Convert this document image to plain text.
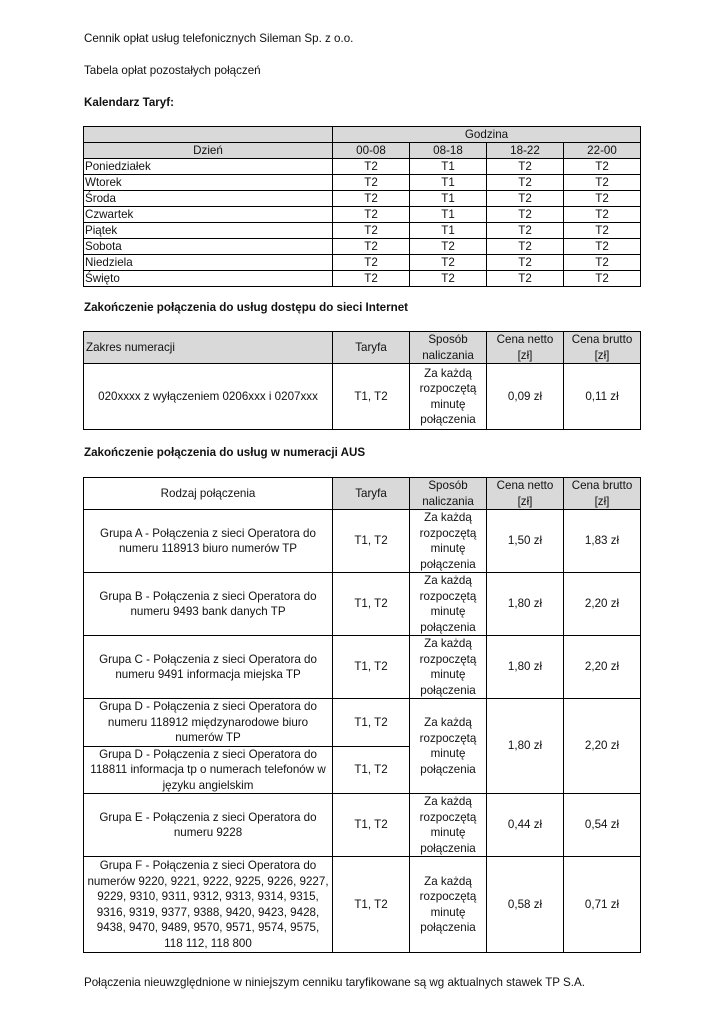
Cennik opłat usług telefonicznych Sileman Sp. z o.o.
Tabela opłat pozostałych połączeń
Kalendarz Taryf:
	Godzina			
Dzień	00-08	08-18	18-22	22-00
Poniedziałek	T2	T1	T2	T2
Wtorek	T2	T1	T2	T2
Środa	T2	T1	T2	T2
Czwartek	T2	T1	T2	T2
Piątek	T2	T1	T2	T2
Sobota	T2	T2	T2	T2
Niedziela	T2	T2	T2	T2
Święto	T2	T2	T2	T2
Zakończenie połączenia do usług dostępu do sieci Internet
Zakres numeracji	Taryfa	Sposób naliczania	Cena netto [zł]	Cena brutto [zł]
020xxxx z wyłączeniem 0206xxx i 0207xxx	T1, T2	Za każdą rozpoczętą minutę połączenia	0,09 zł	0,11 zł
Zakończenie połączenia do usług w numeracji AUS
Rodzaj połączenia	Taryfa	Sposób naliczania	Cena netto [zł]	Cena brutto [zł]
Grupa A - Połączenia z sieci Operatora do numeru 118913 biuro numerów TP	T1, T2	Za każdą rozpoczętą minutę połączenia	1,50 zł	1,83 zł
Grupa B - Połączenia z sieci Operatora do numeru 9493 bank danych TP	T1, T2	Za każdą rozpoczętą minutę połączenia	1,80 zł	2,20 zł
Grupa C - Połączenia z sieci Operatora do numeru 9491 informacja miejska TP	T1, T2	Za każdą rozpoczętą minutę połączenia	1,80 zł	2,20 zł
Grupa D - Połączenia z sieci Operatora do numeru 118912 międzynarodowe biuro numerów TP	T1, T2	Za każdą rozpoczętą minutę połączenia	1,80 zł	2,20 zł
Grupa D - Połączenia z sieci Operatora do 118811 informacja tp o numerach telefonów w języku angielskim	T1, T2			
Grupa E - Połączenia z sieci Operatora do numeru 9228	T1, T2	Za każdą rozpoczętą minutę połączenia	0,44 zł	0,54 zł
Grupa F - Połączenia z sieci Operatora do numerów 9220, 9221, 9222, 9225, 9226, 9227, 9229, 9310, 9311, 9312, 9313, 9314, 9315, 9316, 9319, 9377, 9388, 9420, 9423, 9428, 9438, 9470, 9489, 9570, 9571, 9574, 9575, 118 112, 118 800	T1, T2	Za każdą rozpoczętą minutę połączenia	0,58 zł	0,71 zł
Połączenia nieuwzględnione w niniejszym cenniku taryfikowane są wg aktualnych stawek TP S.A.
